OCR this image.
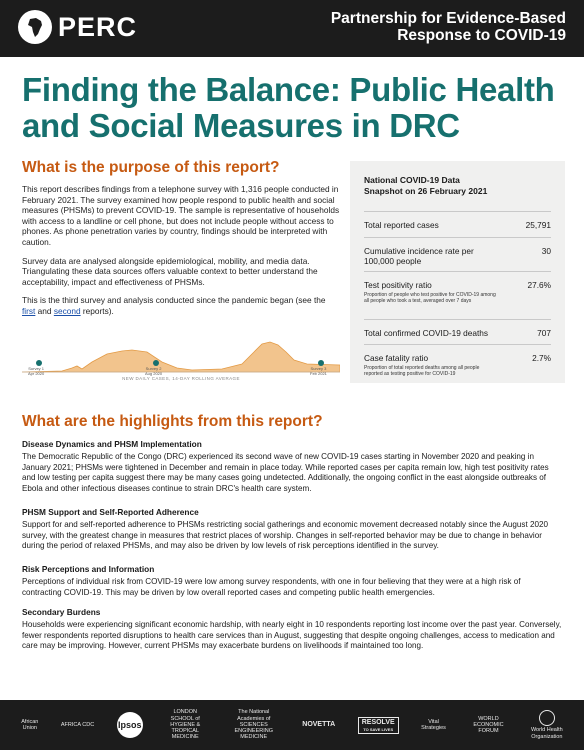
PERC	Partnership for Evidence-Based
Response to COVID-19
Finding the Balance: Public Health and Social Measures in DRC
What is the purpose of this report?

This report describes findings from a telephone survey with 1,316 people conducted in February 2021. The survey examined how people respond to public health and social measures (PHSMs) to prevent COVID-19. The sample is representative of households with access to a landline or cell phone, but does not include people without access to phones. As phone penetration varies by country, findings should be interpreted with caution.

Survey data are analysed alongside epidemiological, mobility, and media data. Triangulating these data sources offers valuable context to better understand the acceptability, impact and effectiveness of PHSMs.

This is the third survey and analysis conducted since the pandemic began (see the first and second reports).

Survey 1
Apr 2020
Survey 2
Aug 2020
Survey 3
Feb 2021
NEW DAILY CASES, 14-DAY ROLLING AVERAGE
National COVID-19 Data
Snapshot on 26 February 2021
Total reported cases	25,791
Cumulative incidence rate per 100,000 people
30
Test positivity ratio	27.6%
Proportion of people who test positive for COVID-19 among all people who took a test, averaged over 7 days
Total confirmed COVID-19 deaths	707
Case fatality ratio	2.7%
Proportion of total reported deaths among all people reported as testing positive for COVID-19
What are the highlights from this report?
Disease Dynamics and PHSM Implementation
The Democratic Republic of the Congo (DRC) experienced its second wave of new COVID-19 cases starting in November 2020 and peaking in January 2021; PHSMs were tightened in December and remain in place today. While reported cases per capita remain low, high test positivity rates and low testing per capita suggest there may be many cases going undetected. Additionally, the ongoing conflict in the east alongside outbreaks of Ebola and other infectious diseases continue to strain DRC's health care system.
PHSM Support and Self-Reported Adherence
Support for and self-reported adherence to PHSMs restricting social gatherings and economic movement decreased notably since the August 2020 survey, with the greatest change in measures that restrict places of worship. Changes in self-reported behavior may be due to change in behavior during the period of relaxed PHSMs, and may also be driven by low levels of risk perceptions identified in the survey.
Risk Perceptions and Information
Perceptions of individual risk from COVID-19 were low among survey respondents, with one in four believing that they were at a high risk of contracting COVID-19. This may be driven by low overall reported cases and competing public health emergencies.
Secondary Burdens
Households were experiencing significant economic hardship, with nearly eight in 10 respondents reporting lost income over the past year. Conversely, fewer respondents reported disruptions to health care services than in August, suggesting that despite ongoing challenges, access to medication and care may be improving. However, current PHSMs may exacerbate burdens on livelihoods if maintained too long.
African
Union
AFRICA CDC	Ipsos
LONDON SCHOOL of
HYGIENE & TROPICAL MEDICINE
The National Academies of
SCIENCES ENGINEERING MEDICINE
NOVETTA	RESOLVE
TO SAVE LIVES
Vital
Strategies
WORLD ECONOMIC
FORUM	World Health
Organization
